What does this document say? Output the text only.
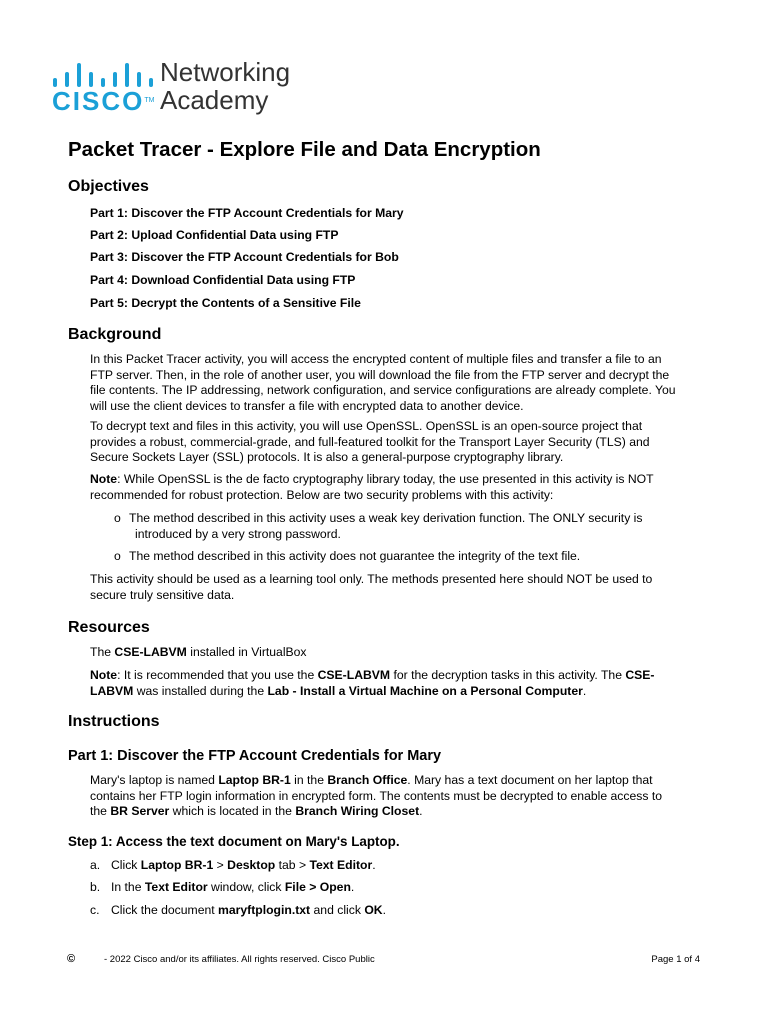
CISCOTM
Networking
Academy
Packet Tracer - Explore File and Data Encryption
Objectives

Part 1: Discover the FTP Account Credentials for Mary

Part 2: Upload Confidential Data using FTP

Part 3: Discover the FTP Account Credentials for Bob

Part 4: Download Confidential Data using FTP

Part 5: Decrypt the Contents of a Sensitive File

Background

In this Packet Tracer activity, you will access the encrypted content of multiple files and transfer a file to an
FTP server. Then, in the role of another user, you will download the file from the FTP server and decrypt the
file contents. The IP addressing, network configuration, and service configurations are already complete. You
will use the client devices to transfer a file with encrypted data to another device.

To decrypt text and files in this activity, you will use OpenSSL. OpenSSL is an open-source project that
provides a robust, commercial-grade, and full-featured toolkit for the Transport Layer Security (TLS) and
Secure Sockets Layer (SSL) protocols. It is also a general-purpose cryptography library.

Note: While OpenSSL is the de facto cryptography library today, the use presented in this activity is NOT
recommended for robust protection. Below are two security problems with this activity:

o The method described in this activity uses a weak key derivation function. The ONLY security is
introduced by a very strong password.

o The method described in this activity does not guarantee the integrity of the text file.

This activity should be used as a learning tool only. The methods presented here should NOT be used to
secure truly sensitive data.

Resources

The CSE-LABVM installed in VirtualBox

Note: It is recommended that you use the CSE-LABVM for the decryption tasks in this activity. The CSE-
LABVM was installed during the Lab - Install a Virtual Machine on a Personal Computer.

Instructions
Part 1: Discover the FTP Account Credentials for Mary

Mary's laptop is named Laptop BR-1 in the Branch Office. Mary has a text document on her laptop that
contains her FTP login information in encrypted form. The contents must be decrypted to enable access to
the BR Server which is located in the Branch Wiring Closet.

Step 1: Access the text document on Mary's Laptop.

a. Click Laptop BR-1 > Desktop tab > Text Editor.

b. In the Text Editor window, click File > Open.

c. Click the document maryftplogin.txt and click OK.

©	- 2022 Cisco and/or its affiliates. All rights reserved. Cisco Public	Page 1 of 4
